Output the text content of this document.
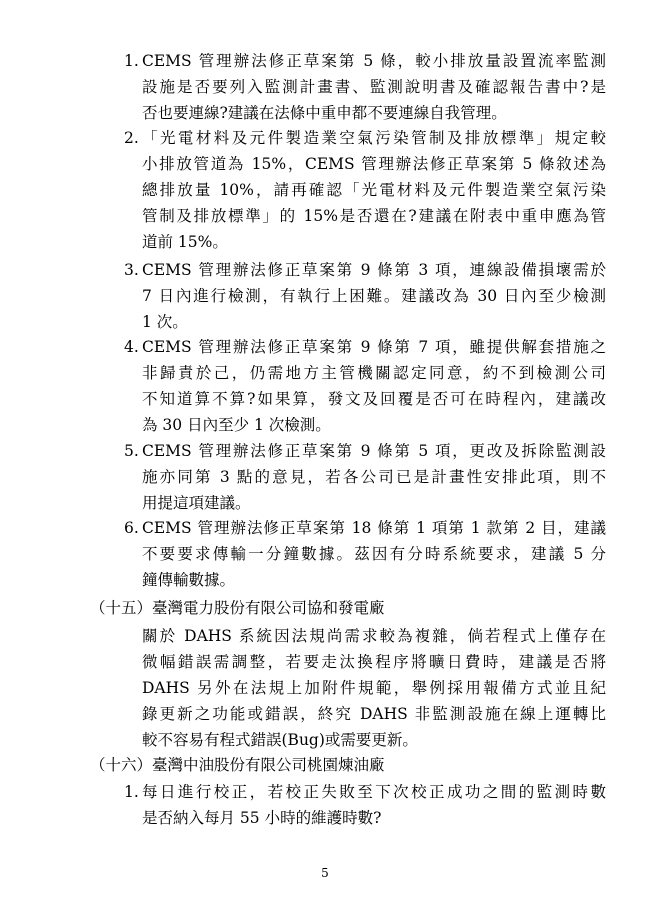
1. CEMS 管理辦法修正草案第 5 條，較小排放量設置流率監測
設施是否要列入監測計畫書、監測說明書及確認報告書中?是
否也要連線?建議在法條中重申都不要連線自我管理。
2. 「光電材料及元件製造業空氣污染管制及排放標準」規定較
小排放管道為 15%，CEMS 管理辦法修正草案第 5 條敘述為
總排放量 10%，請再確認「光電材料及元件製造業空氣污染
管制及排放標準」的 15%是否還在?建議在附表中重申應為管
道前 15%。
3. CEMS 管理辦法修正草案第 9 條第 3 項，連線設備損壞需於
7 日內進行檢測，有執行上困難。建議改為 30 日內至少檢測
1 次。
4. CEMS 管理辦法修正草案第 9 條第 7 項，雖提供解套措施之
非歸責於己，仍需地方主管機關認定同意，約不到檢測公司
不知道算不算?如果算，發文及回覆是否可在時程內，建議改
為 30 日內至少 1 次檢測。
5. CEMS 管理辦法修正草案第 9 條第 5 項，更改及拆除監測設
施亦同第 3 點的意見，若各公司已是計畫性安排此項，則不
用提這項建議。
6. CEMS 管理辦法修正草案第 18 條第 1 項第 1 款第 2 目，建議
不要要求傳輸一分鐘數據。茲因有分時系統要求，建議 5 分
鐘傳輸數據。
（十五）臺灣電力股份有限公司協和發電廠
關於 DAHS 系統因法規尚需求較為複雜，倘若程式上僅存在
微幅錯誤需調整，若要走汰換程序將曠日費時，建議是否將
DAHS 另外在法規上加附件規範，舉例採用報備方式並且紀
錄更新之功能或錯誤，終究 DAHS 非監測設施在線上運轉比
較不容易有程式錯誤(Bug)或需要更新。
（十六）臺灣中油股份有限公司桃園煉油廠
1. 每日進行校正，若校正失敗至下次校正成功之間的監測時數
是否納入每月 55 小時的維護時數?
5
